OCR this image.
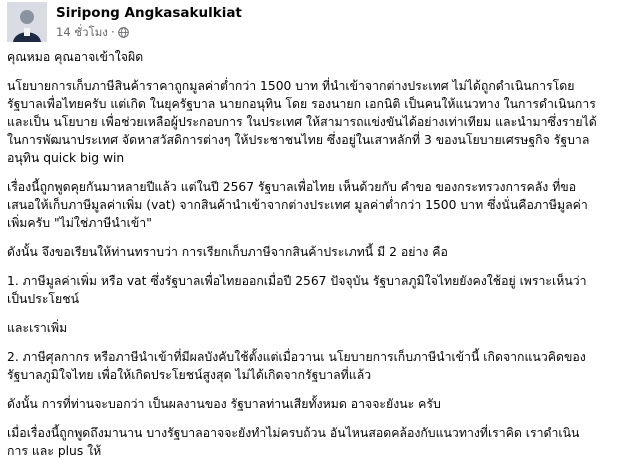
Siripong Angkasakulkiat
14 ชั่วโมง ·

คุณหมอ คุณอาจเข้าใจผิด

นโยบายการเก็บภาษีสินค้าราคาถูกมูลค่าต่ำกว่า 1500 บาท ที่นำเข้าจากต่างประเทศ ไม่ได้ถูกดำเนินการโดย
รัฐบาลเพื่อไทยครับ แต่เกิด ในยุครัฐบาล นายกอนุทิน โดย รองนายก เอกนิติ เป็นคนให้แนวทาง ในการดำเนินการ
และเป็น นโยบาย เพื่อช่วยเหลือผู้ประกอบการ ในประเทศ ให้สามารถแข่งขันได้อย่างเท่าเทียม และนำมาซึ่งรายได้
ในการพัฒนาประเทศ จัดหาสวัสดิการต่างๆ ให้ประชาชนไทย ซึ่งอยู่ในเสาหลักที่ 3 ของนโยบายเศรษฐกิจ รัฐบาล
อนุทิน quick big win

เรื่องนี้ถูกพูดคุยกันมาหลายปีแล้ว แต่ในปี 2567 รัฐบาลเพื่อไทย เห็นด้วยกับ คำขอ ของกระทรวงการคลัง ที่ขอ
เสนอให้เก็บภาษีมูลค่าเพิ่ม (vat) จากสินค้านำเข้าจากต่างประเทศ มูลค่าต่ำกว่า 1500 บาท ซึ่งนั่นคือภาษีมูลค่า
เพิ่มครับ "ไม่ใช่ภาษีนำเข้า"

ดังนั้น จึงขอเรียนให้ท่านทราบว่า การเรียกเก็บภาษีจากสินค้าประเภทนี้ มี 2 อย่าง คือ

1. ภาษีมูลค่าเพิ่ม หรือ vat ซึ่งรัฐบาลเพื่อไทยออกเมื่อปี 2567 ปัจจุบัน รัฐบาลภูมิใจไทยยังคงใช้อยู่ เพราะเห็นว่า
เป็นประโยชน์

และเราเพิ่ม

2. ภาษีศุลกากร หรือภาษีนำเข้าที่มีผลบังคับใช้ตั้งแต่เมื่อวานเ นโยบายการเก็บภาษีนำเข้านี้ เกิดจากแนวคิดของ
รัฐบาลภูมิใจไทย เพื่อให้เกิดประโยชน์สูงสุด ไม่ได้เกิดจากรัฐบาลที่แล้ว

ดังนั้น การที่ท่านจะบอกว่า เป็นผลงานของ รัฐบาลท่านเสียทั้งหมด อาจจะยังนะ ครับ

เมื่อเรื่องนี้ถูกพูดถึงมานาน บางรัฐบาลอาจจะยังทำไม่ครบถ้วน อันไหนสอดคล้องกับแนวทางที่เราคิด เราดำเนิน
การ และ plus ให้
